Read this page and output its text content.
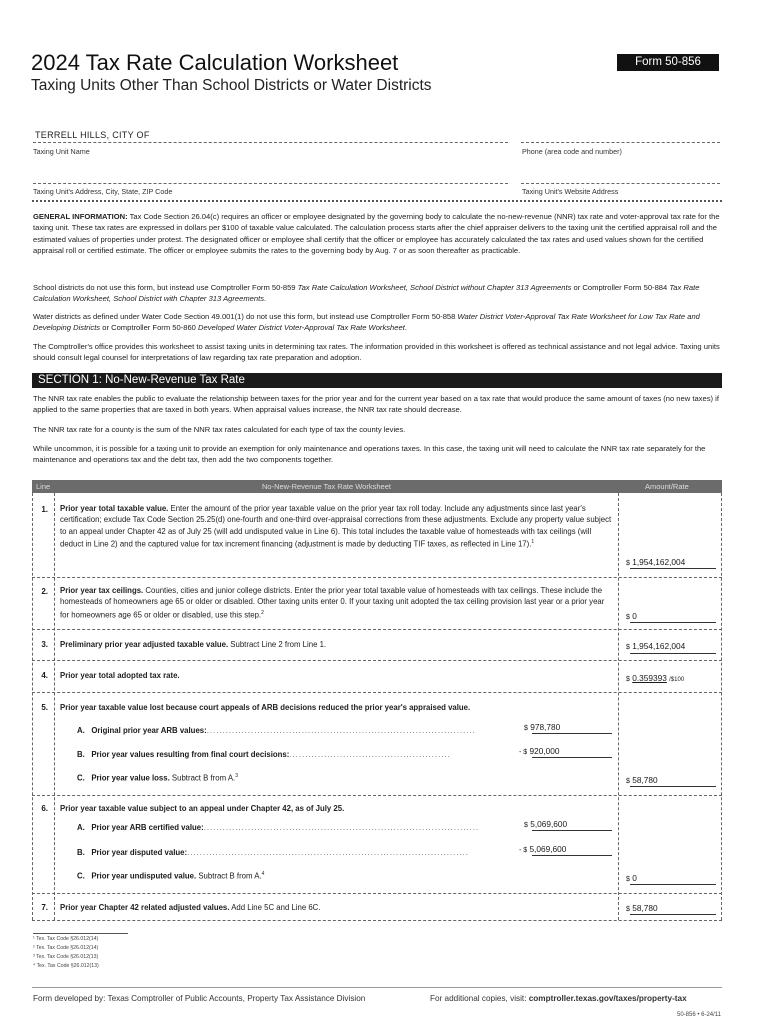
2024 Tax Rate Calculation Worksheet
Taxing Units Other Than School Districts or Water Districts
Form 50-856
TERRELL HILLS, CITY OF
Taxing Unit Name	Phone (area code and number)
Taxing Unit's Address, City, State, ZIP Code	Taxing Unit's Website Address
GENERAL INFORMATION: Tax Code Section 26.04(c) requires an officer or employee designated by the governing body to calculate the no-new-revenue (NNR) tax rate and voter-approval tax rate for the taxing unit. These tax rates are expressed in dollars per $100 of taxable value calculated. The calculation process starts after the chief appraiser delivers to the taxing unit the certified appraisal roll and the estimated values of properties under protest. The designated officer or employee shall certify that the officer or employee has accurately calculated the tax rates and used values shown for the certified appraisal roll or certified estimate. The officer or employee submits the rates to the governing body by Aug. 7 or as soon thereafter as practicable.
School districts do not use this form, but instead use Comptroller Form 50-859 Tax Rate Calculation Worksheet, School District without Chapter 313 Agreements or Comptroller Form 50-884 Tax Rate Calculation Worksheet, School District with Chapter 313 Agreements.
Water districts as defined under Water Code Section 49.001(1) do not use this form, but instead use Comptroller Form 50-858 Water District Voter-Approval Tax Rate Worksheet for Low Tax Rate and Developing Districts or Comptroller Form 50-860 Developed Water District Voter-Approval Tax Rate Worksheet.
The Comptroller's office provides this worksheet to assist taxing units in determining tax rates. The information provided in this worksheet is offered as technical assistance and not legal advice. Taxing units should consult legal counsel for interpretations of law regarding tax rate preparation and adoption.
SECTION 1: No-New-Revenue Tax Rate
The NNR tax rate enables the public to evaluate the relationship between taxes for the prior year and for the current year based on a tax rate that would produce the same amount of taxes (no new taxes) if applied to the same properties that are taxed in both years. When appraisal values increase, the NNR tax rate should decrease.
The NNR tax rate for a county is the sum of the NNR tax rates calculated for each type of tax the county levies.
While uncommon, it is possible for a taxing unit to provide an exemption for only maintenance and operations taxes. In this case, the taxing unit will need to calculate the NNR tax rate separately for the maintenance and operations tax and the debt tax, then add the two components together.
Line	No-New-Revenue Tax Rate Worksheet	Amount/Rate
1. Prior year total taxable value. Enter the amount of the prior year taxable value on the prior year tax roll today. Include any adjustments since last year's certification; exclude Tax Code Section 25.25(d) one-fourth and one-third over-appraisal corrections from these adjustments. Exclude any property value subject to an appeal under Chapter 42 as of July 25 (will add undisputed value in Line 6). This total includes the taxable value of homesteads with tax ceilings (will deduct in Line 2) and the captured value for tax increment financing (adjustment is made by deducting TIF taxes, as reflected in Line 17).$^1$
$ 1,954,162,004
2. Prior year tax ceilings. Counties, cities and junior college districts. Enter the prior year total taxable value of homesteads with tax ceilings. These include the homesteads of homeowners age 65 or older or disabled. Other taxing units enter 0. If your taxing unit adopted the tax ceiling provision last year or a prior year for homeowners age 65 or older or disabled, use this step.$^2$
$ 0
3. Preliminary prior year adjusted taxable value. Subtract Line 2 from Line 1.	$ 1,954,162,004
4. Prior year total adopted tax rate.	$ 0.359393 /$100
5. Prior year taxable value lost because court appeals of ARB decisions reduced the prior year's appraised value.
A. Original prior year ARB values:.....................................................................................	$ 978,780
B. Prior year values resulting from final court decisions:...................................................	- $ 920,000
C. Prior year value loss. Subtract B from A.$^3$
$ 58,780
6. Prior year taxable value subject to an appeal under Chapter 42, as of July 25.
A. Prior year ARB certified value:.......................................................................................	$ 5,069,600
B. Prior year disputed value:.........................................................................................	- $ 5,069,600
C. Prior year undisputed value. Subtract B from A.$^4$
$ 0
7. Prior year Chapter 42 related adjusted values. Add Line 5C and Line 6C.	$ 58,780
¹ Tex. Tax Code §26.012(14)
² Tex. Tax Code §26.012(14)
³ Tex. Tax Code §26.012(13)
⁴ Tex. Tax Code §26.012(13)
Form developed by: Texas Comptroller of Public Accounts, Property Tax Assistance Division	For additional copies, visit: comptroller.texas.gov/taxes/property-tax
50-856 • 6-24/11
